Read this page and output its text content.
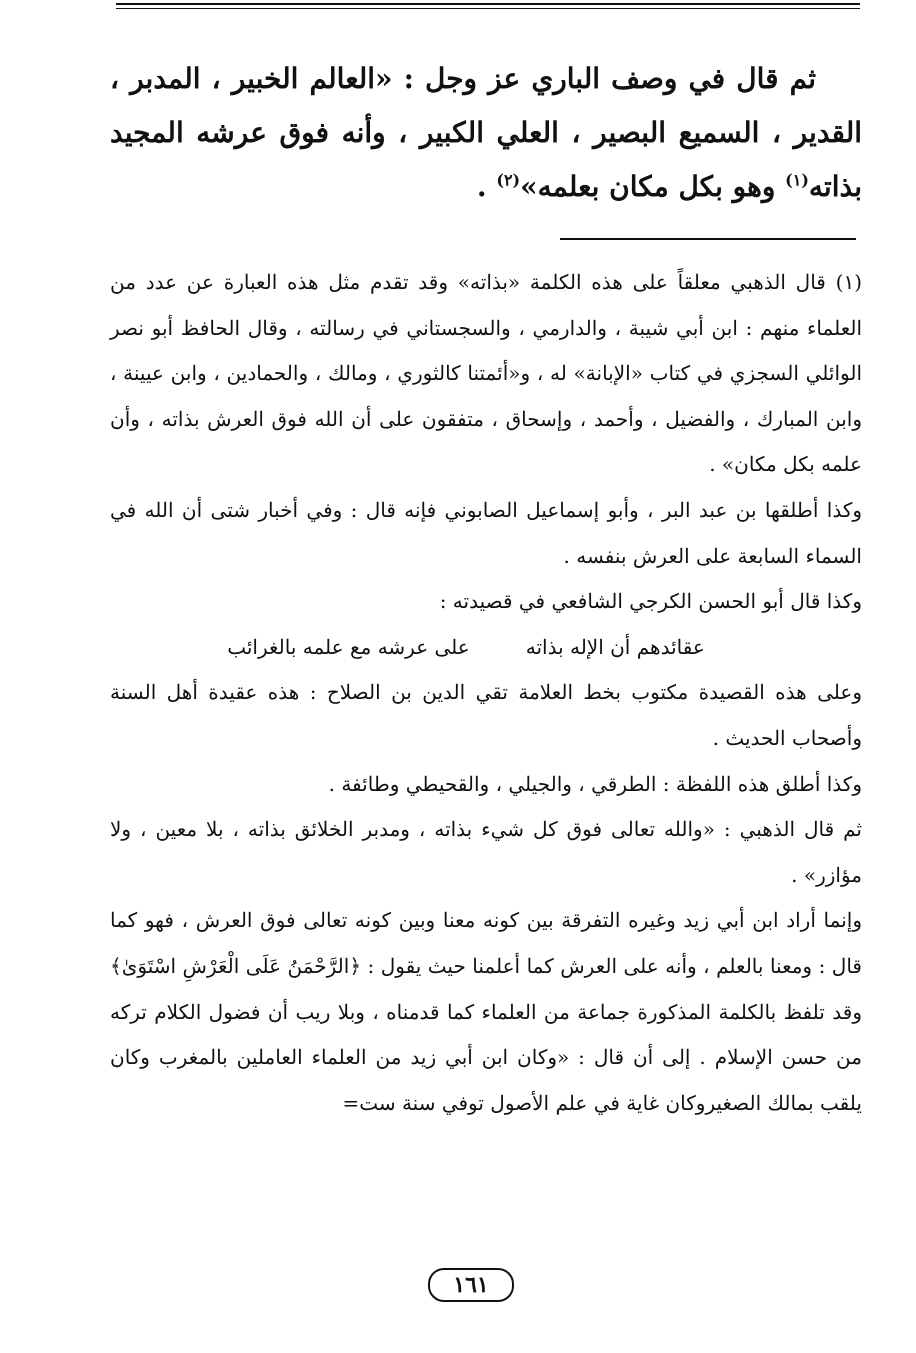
ثم قال في وصف الباري عز وجل : «العالم الخبير ، المدبر ، القدير ، السميع البصير ، العلي الكبير ، وأنه فوق عرشه المجيد بذاته$^{(١)}$ وهو بكل مكان بعلمه»$^{(٢)}$ .

(١) قال الذهبي معلقاً على هذه الكلمة «بذاته» وقد تقدم مثل هذه العبارة عن عدد من العلماء منهم : ابن أبي شيبة ، والدارمي ، والسجستاني في رسالته ، وقال الحافظ أبو نصر الوائلي السجزي في كتاب «الإبانة» له ، و«أئمتنا كالثوري ، ومالك ، والحمادين ، وابن عيينة ، وابن المبارك ، والفضيل ، وأحمد ، وإسحاق ، متفقون على أن الله فوق العرش بذاته ، وأن علمه بكل مكان» .

وكذا أطلقها بن عبد البر ، وأبو إسماعيل الصابوني فإنه قال : وفي أخبار شتى أن الله في السماء السابعة على العرش بنفسه .

وكذا قال أبو الحسن الكرجي الشافعي في قصيدته :

عقائدهم أن الإله بذاته
على عرشه مع علمه بالغرائب

وعلى هذه القصيدة مكتوب بخط العلامة تقي الدين بن الصلاح : هذه عقيدة أهل السنة وأصحاب الحديث .

وكذا أطلق هذه اللفظة : الطرقي ، والجيلي ، والقحيطي وطائفة .

ثم قال الذهبي : «والله تعالى فوق كل شيء بذاته ، ومدبر الخلائق بذاته ، بلا معين ، ولا مؤازر» .

وإنما أراد ابن أبي زيد وغيره التفرقة بين كونه معنا وبين كونه تعالى فوق العرش ، فهو كما قال : ومعنا بالعلم ، وأنه على العرش كما أعلمنا حيث يقول : ﴿الرَّحْمَنُ عَلَى الْعَرْشِ اسْتَوَىٰ﴾ وقد تلفظ بالكلمة المذكورة جماعة من العلماء كما قدمناه ، وبلا ريب أن فضول الكلام تركه من حسن الإسلام . إلى أن قال : «وكان ابن أبي زيد من العلماء العاملين بالمغرب وكان يلقب بمالك الصغيروكان غاية في علم الأصول توفي سنة ست=

١٦١
